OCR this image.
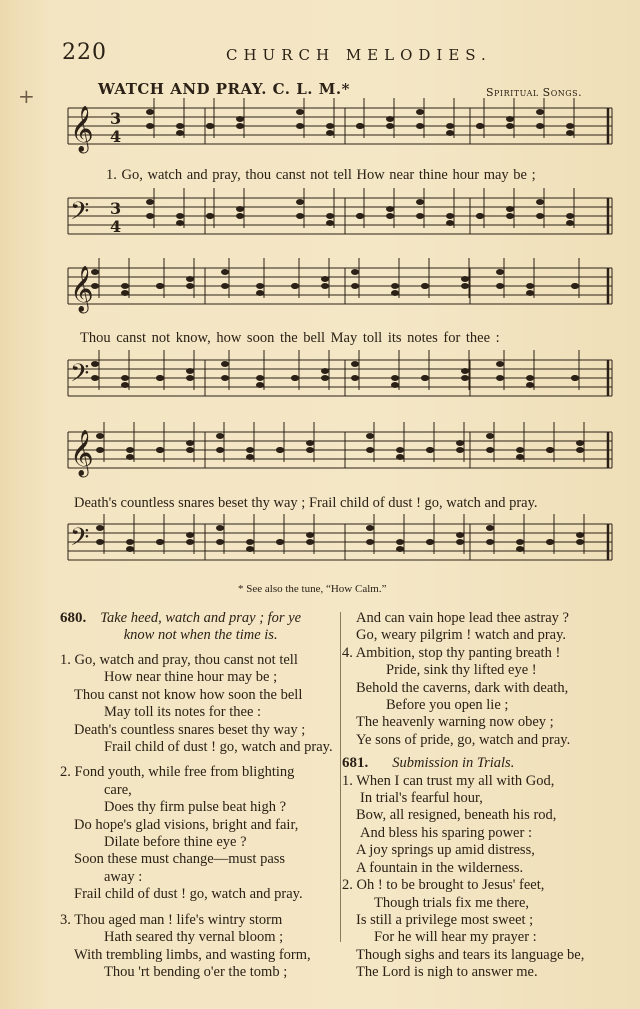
+
220	CHURCH MELODIES.
WATCH AND PRAY. C. L. M.*	Spiritual Songs.
𝄞
𝄢
𝄞
𝄢
𝄞
𝄢
3
4
3
4
1. Go, watch and pray, thou canst not tell How near thine hour may be ;
Thou canst not know, how soon the bell May toll its notes for thee :
Death's countless snares beset thy way ; Frail child of dust ! go, watch and pray.
* See also the tune, “How Calm.”
680. Take heed, watch and pray ; for ye
know not when the time is.
1. Go, watch and pray, thou canst not tell
How near thine hour may be ;
Thou canst not know how soon the bell
May toll its notes for thee :
Death's countless snares beset thy way ;
Frail child of dust ! go, watch and pray.
2. Fond youth, while free from blighting
care,
Does thy firm pulse beat high ?
Do hope's glad visions, bright and fair,
Dilate before thine eye ?
Soon these must change—must pass
away :
Frail child of dust ! go, watch and pray.
3. Thou aged man ! life's wintry storm
Hath seared thy vernal bloom ;
With trembling limbs, and wasting form,
Thou 'rt bending o'er the tomb ;
And can vain hope lead thee astray ?
Go, weary pilgrim ! watch and pray.
4. Ambition, stop thy panting breath !
Pride, sink thy lifted eye !
Behold the caverns, dark with death,
Before you open lie ;
The heavenly warning now obey ;
Ye sons of pride, go, watch and pray.
681.	Submission in Trials.
1. When I can trust my all with God,
In trial's fearful hour,
Bow, all resigned, beneath his rod,
And bless his sparing power :
A joy springs up amid distress,
A fountain in the wilderness.
2. Oh ! to be brought to Jesus' feet,
Though trials fix me there,
Is still a privilege most sweet ;
For he will hear my prayer :
Though sighs and tears its language be,
The Lord is nigh to answer me.
